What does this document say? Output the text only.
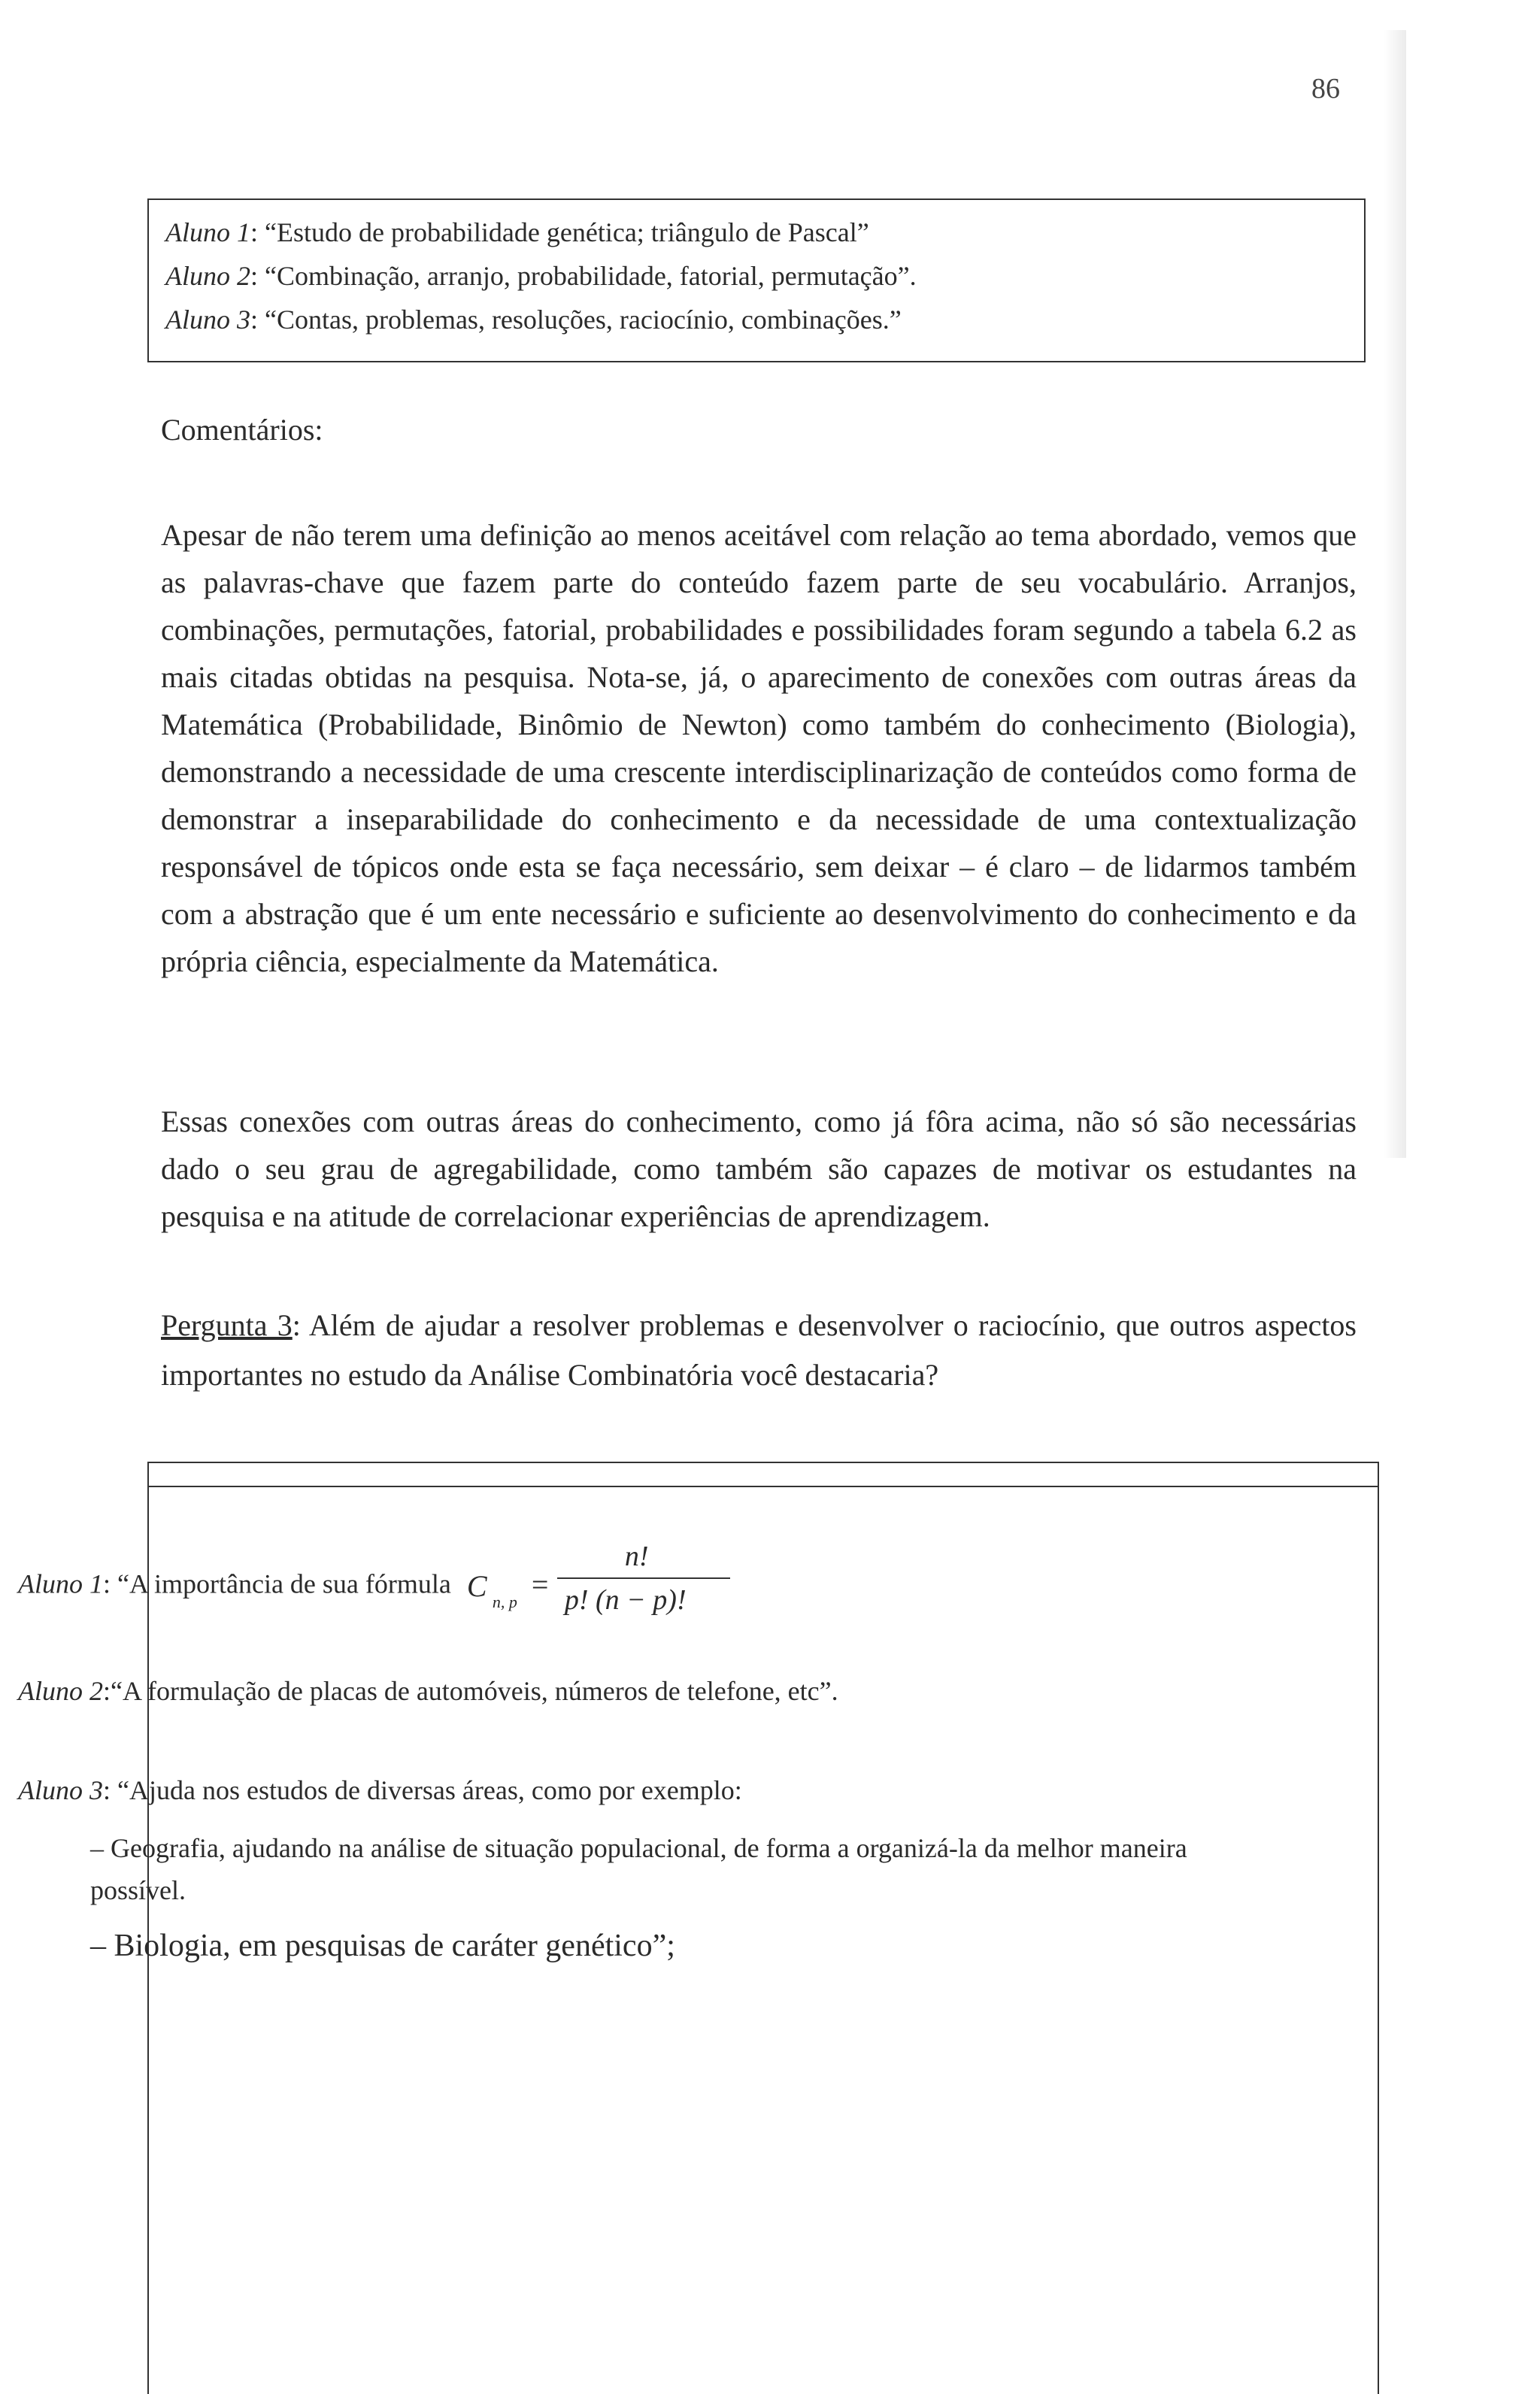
86
Aluno 1: “Estudo de probabilidade genética; triângulo de Pascal”
Aluno 2: “Combinação, arranjo, probabilidade, fatorial, permutação”.
Aluno 3: “Contas, problemas, resoluções, raciocínio, combinações.”
Comentários:

Apesar de não terem uma definição ao menos aceitável com relação ao tema abordado, vemos que as palavras-chave que fazem parte do conteúdo fazem parte de seu vocabulário. Arranjos, combinações, permutações, fatorial, probabilidades e possibilidades foram segundo a tabela 6.2 as mais citadas obtidas na pesquisa. Nota-se, já, o aparecimento de conexões com outras áreas da Matemática (Probabilidade, Binômio de Newton) como também do conhecimento (Biologia), demonstrando a necessidade de uma crescente interdisciplinarização de conteúdos como forma de demonstrar a inseparabilidade do conhecimento e da necessidade de uma contextualização responsável de tópicos onde esta se faça necessário, sem deixar – é claro – de lidarmos também com a abstração que é um ente necessário e suficiente ao desenvolvimento do conhecimento e da própria ciência, especialmente da Matemática.

Essas conexões com outras áreas do conhecimento, como já fôra acima, não só são necessárias dado o seu grau de agregabilidade, como também são capazes de motivar os estudantes na pesquisa e na atitude de correlacionar experiências de aprendizagem.

Pergunta 3: Além de ajudar a resolver problemas e desenvolver o raciocínio, que outros aspectos importantes no estudo da Análise Combinatória você destacaria?

Aluno 1: “A importância de sua fórmula C n, p
=
n!
p! (n − p)!
Aluno 2:“A formulação de placas de automóveis, números de telefone, etc”.
Aluno 3: “Ajuda nos estudos de diversas áreas, como por exemplo:
– Geografia, ajudando na análise de situação populacional, de forma a organizá-la da melhor maneira possível.
– Biologia, em pesquisas de caráter genético”;
